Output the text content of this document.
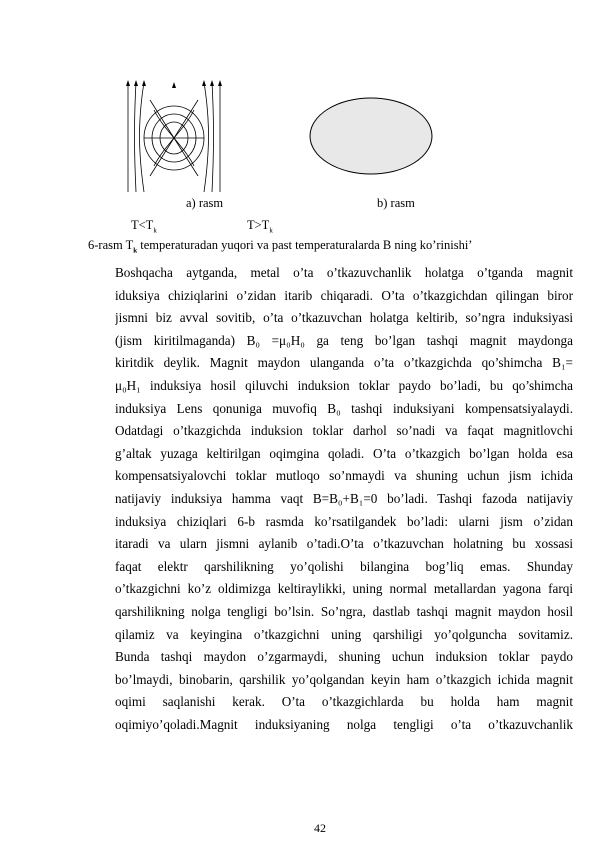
a) rasm	b) rasm
$T<T_k$	$T>T_k$
6-rasm $T_k$ temperaturadan yuqori va past temperaturalarda B ning ko’rinishi’
Boshqacha aytganda, metal o’ta o’tkazuvchanlik holatga o’tganda magnit
iduksiya chiziqlarini o’zidan itarib chiqaradi. O’ta o’tkazgichdan qilingan biror
jismni biz avval sovitib, o’ta o’tkazuvchan holatga keltirib, so’ngra induksiyasi
(jism kiritilmaganda) B₀ =μ₀H₀ ga teng bo’lgan tashqi magnit maydonga
kiritdik deylik. Magnit maydon ulanganda o’ta o’tkazgichda qo’shimcha B₁=
μ₀H₁ induksiya hosil qiluvchi induksion toklar paydo bo’ladi, bu qo’shimcha
induksiya Lens qonuniga muvofiq B₀ tashqi induksiyani kompensatsiyalaydi.
Odatdagi o’tkazgichda induksion toklar darhol so’nadi va faqat magnitlovchi
g’altak yuzaga keltirilgan oqimgina qoladi. O’ta o’tkazgich bo’lgan holda esa
kompensatsiyalovchi toklar mutloqo so’nmaydi va shuning uchun jism ichida
natijaviy induksiya hamma vaqt B=B₀+B₁=0 bo’ladi. Tashqi fazoda natijaviy
induksiya chiziqlari 6-b rasmda ko’rsatilgandek bo’ladi: ularni jism o’zidan
itaradi va ularn jismni aylanib o’tadi.O’ta o’tkazuvchan holatning bu xossasi
faqat elektr qarshilikning yo’qolishi bilangina bog’liq emas. Shunday
o’tkazgichni ko’z oldimizga keltiraylikki, uning normal metallardan yagona farqi
qarshilikning nolga tengligi bo’lsin. So’ngra, dastlab tashqi magnit maydon hosil
qilamiz va keyingina o’tkazgichni uning qarshiligi yo’qolguncha sovitamiz.
Bunda tashqi maydon o’zgarmaydi, shuning uchun induksion toklar paydo
bo’lmaydi, binobarin, qarshilik yo’qolgandan keyin ham o’tkazgich ichida magnit
oqimi saqlanishi kerak. O’ta o’tkazgichlarda bu holda ham magnit
oqimiyo’qoladi.Magnit induksiyaning nolga tengligi o’ta o’tkazuvchanlik
42
